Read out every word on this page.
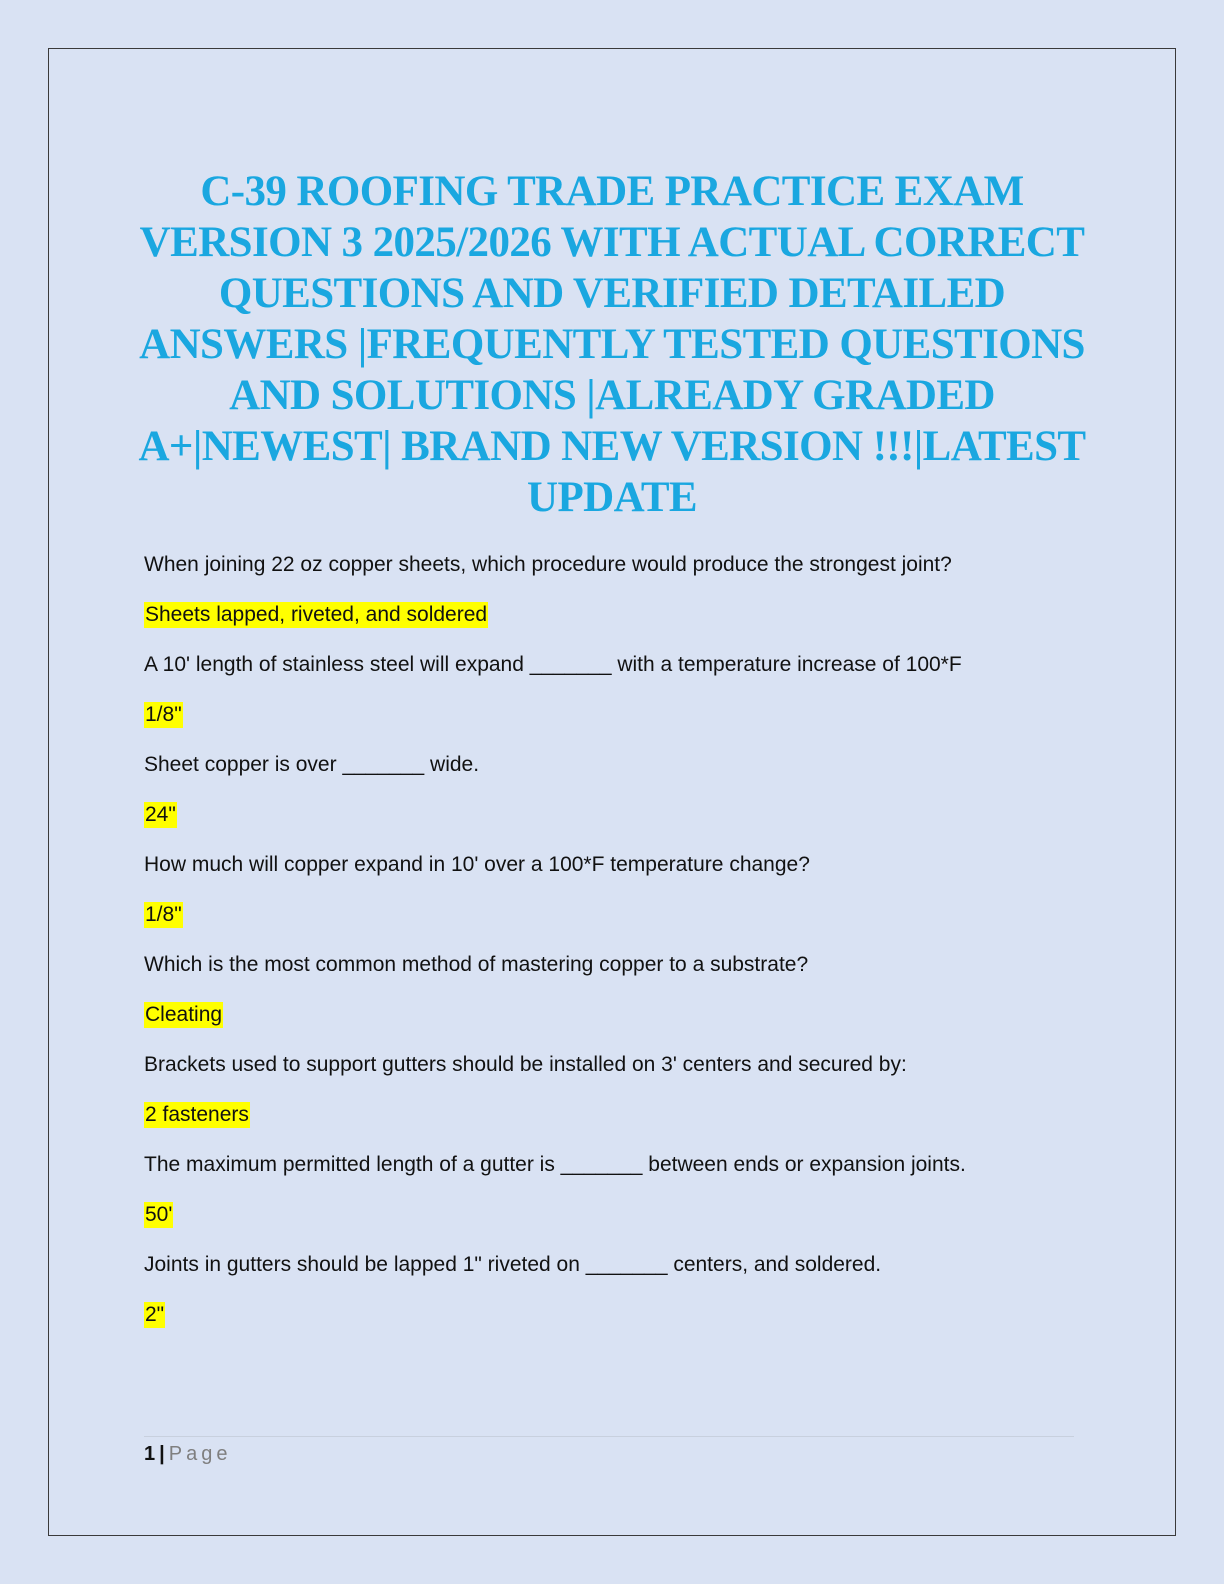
C-39 ROOFING TRADE PRACTICE EXAM VERSION 3 2025/2026 WITH ACTUAL CORRECT QUESTIONS AND VERIFIED DETAILED ANSWERS |FREQUENTLY TESTED QUESTIONS AND SOLUTIONS |ALREADY GRADED A+|NEWEST| BRAND NEW VERSION !!!|LATEST UPDATE
When joining 22 oz copper sheets, which procedure would produce the strongest joint?
Sheets lapped, riveted, and soldered
A 10' length of stainless steel will expand _______ with a temperature increase of 100*F
1/8"
Sheet copper is over _______ wide.
24"
How much will copper expand in 10' over a 100*F temperature change?
1/8"
Which is the most common method of mastering copper to a substrate?
Cleating
Brackets used to support gutters should be installed on 3' centers and secured by:
2 fasteners
The maximum permitted length of a gutter is _______ between ends or expansion joints.
50'
Joints in gutters should be lapped 1" riveted on _______ centers, and soldered.
2"
1 | Page
